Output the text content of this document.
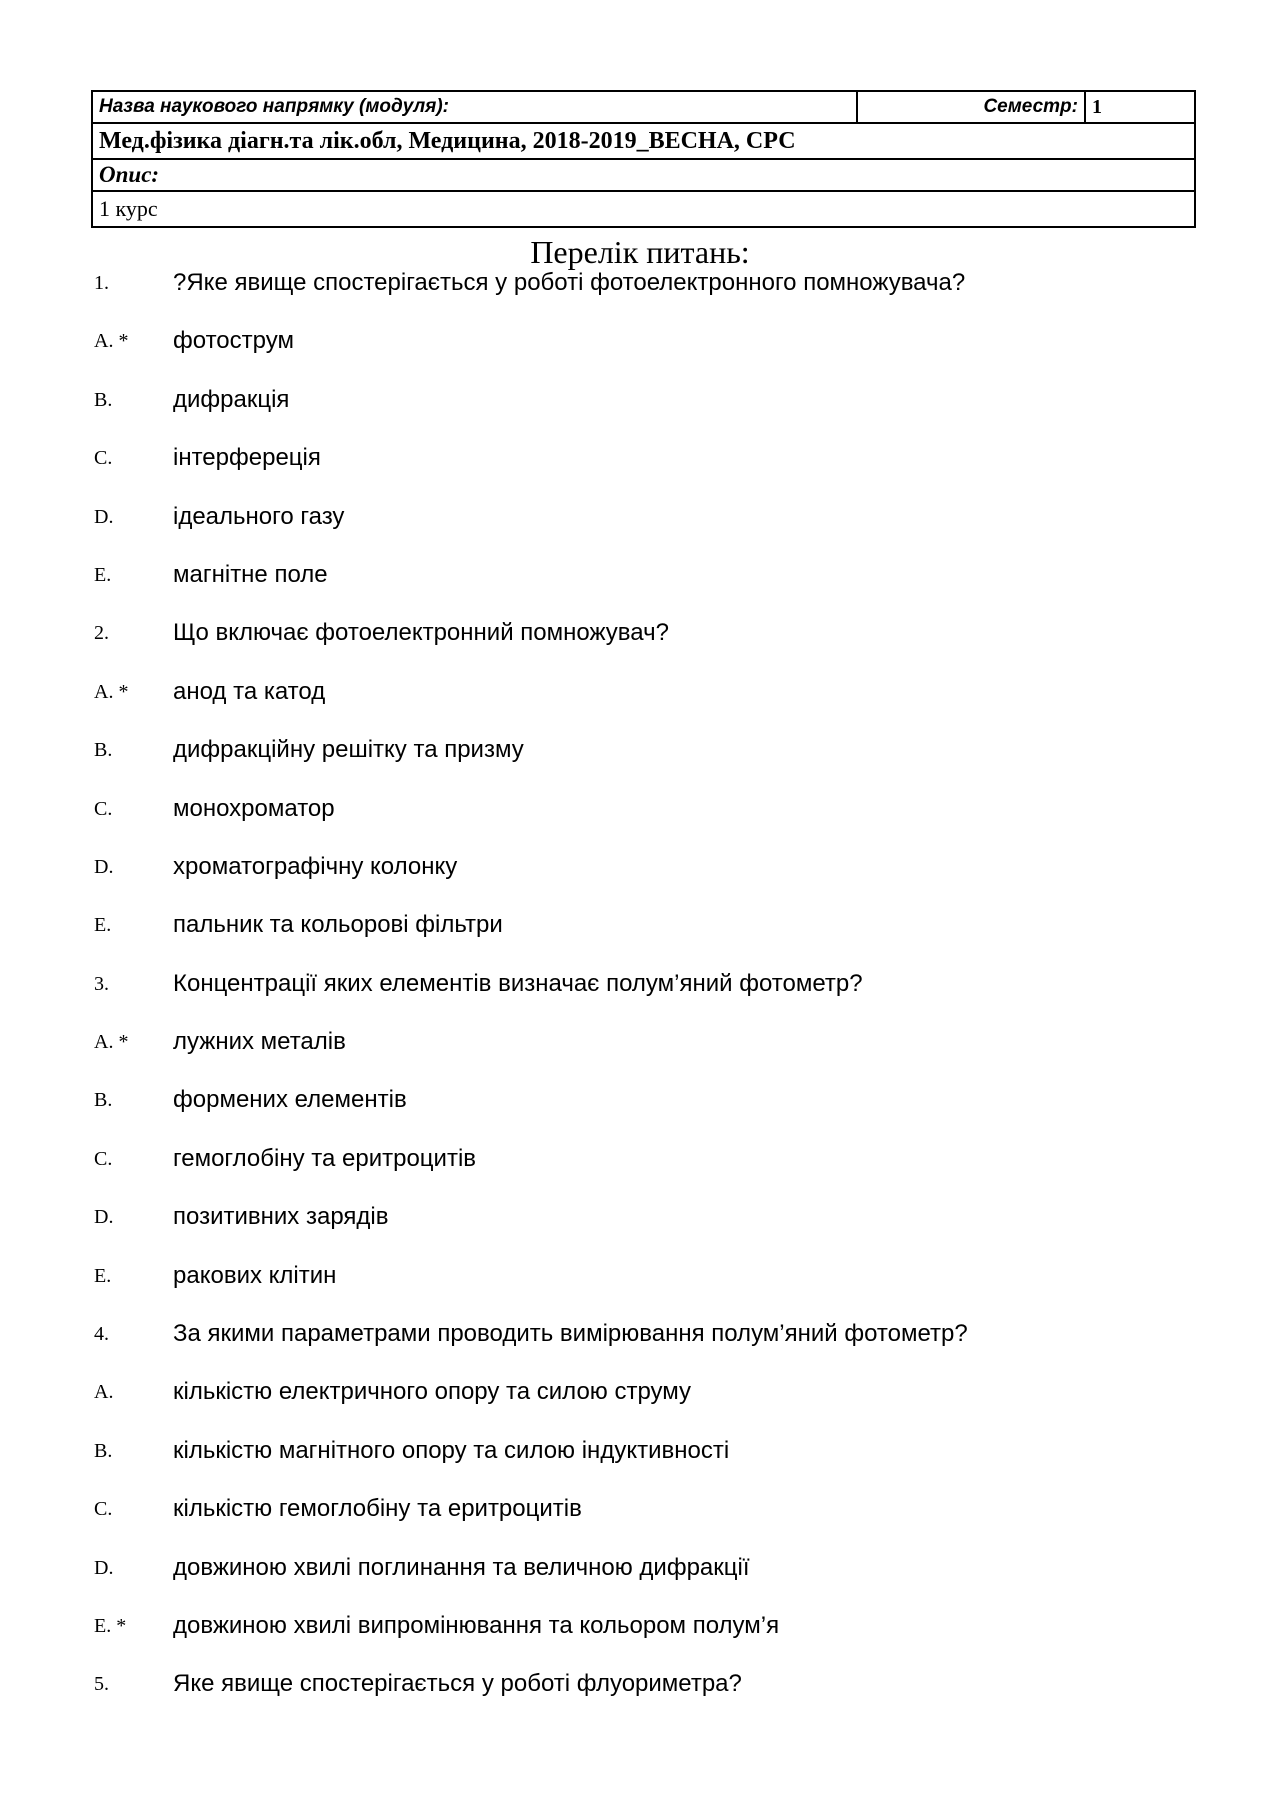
Назва наукового напрямку (модуля):	Семестр:	1
Мед.фізика діагн.та лік.обл, Медицина, 2018-2019_ВЕСНА, СРС
Опис:
1 курс
Перелік питань:
1.	?Яке явище спостерігається у роботі фотоелектронного помножувача?
A. * фотострум
B.	дифракція
C.	інтерфереція
D. ідеального газу
E.	магнітне поле
2.	Що включає фотоелектронний помножувач?
A. * анод та катод
B.	дифракційну решітку та призму
C.	монохроматор
D. хроматографічну колонку
E.	пальник та кольорові фільтри
3.	Концентрації яких елементів визначає полум’яний фотометр?
A. * лужних металів
B.	формених елементів
C.	гемоглобіну та еритроцитів
D. позитивних зарядів
E.	ракових клітин
4.	За якими параметрами проводить вимірювання полум’яний фотометр?
A. кількістю електричного опору та силою струму
B.	кількістю магнітного опору та силою індуктивності
C.	кількістю гемоглобіну та еритроцитів
D. довжиною хвилі поглинання та величною дифракції
E. * довжиною хвилі випромінювання та кольором полум’я
5.	Яке явище спостерігається у роботі флуориметра?
